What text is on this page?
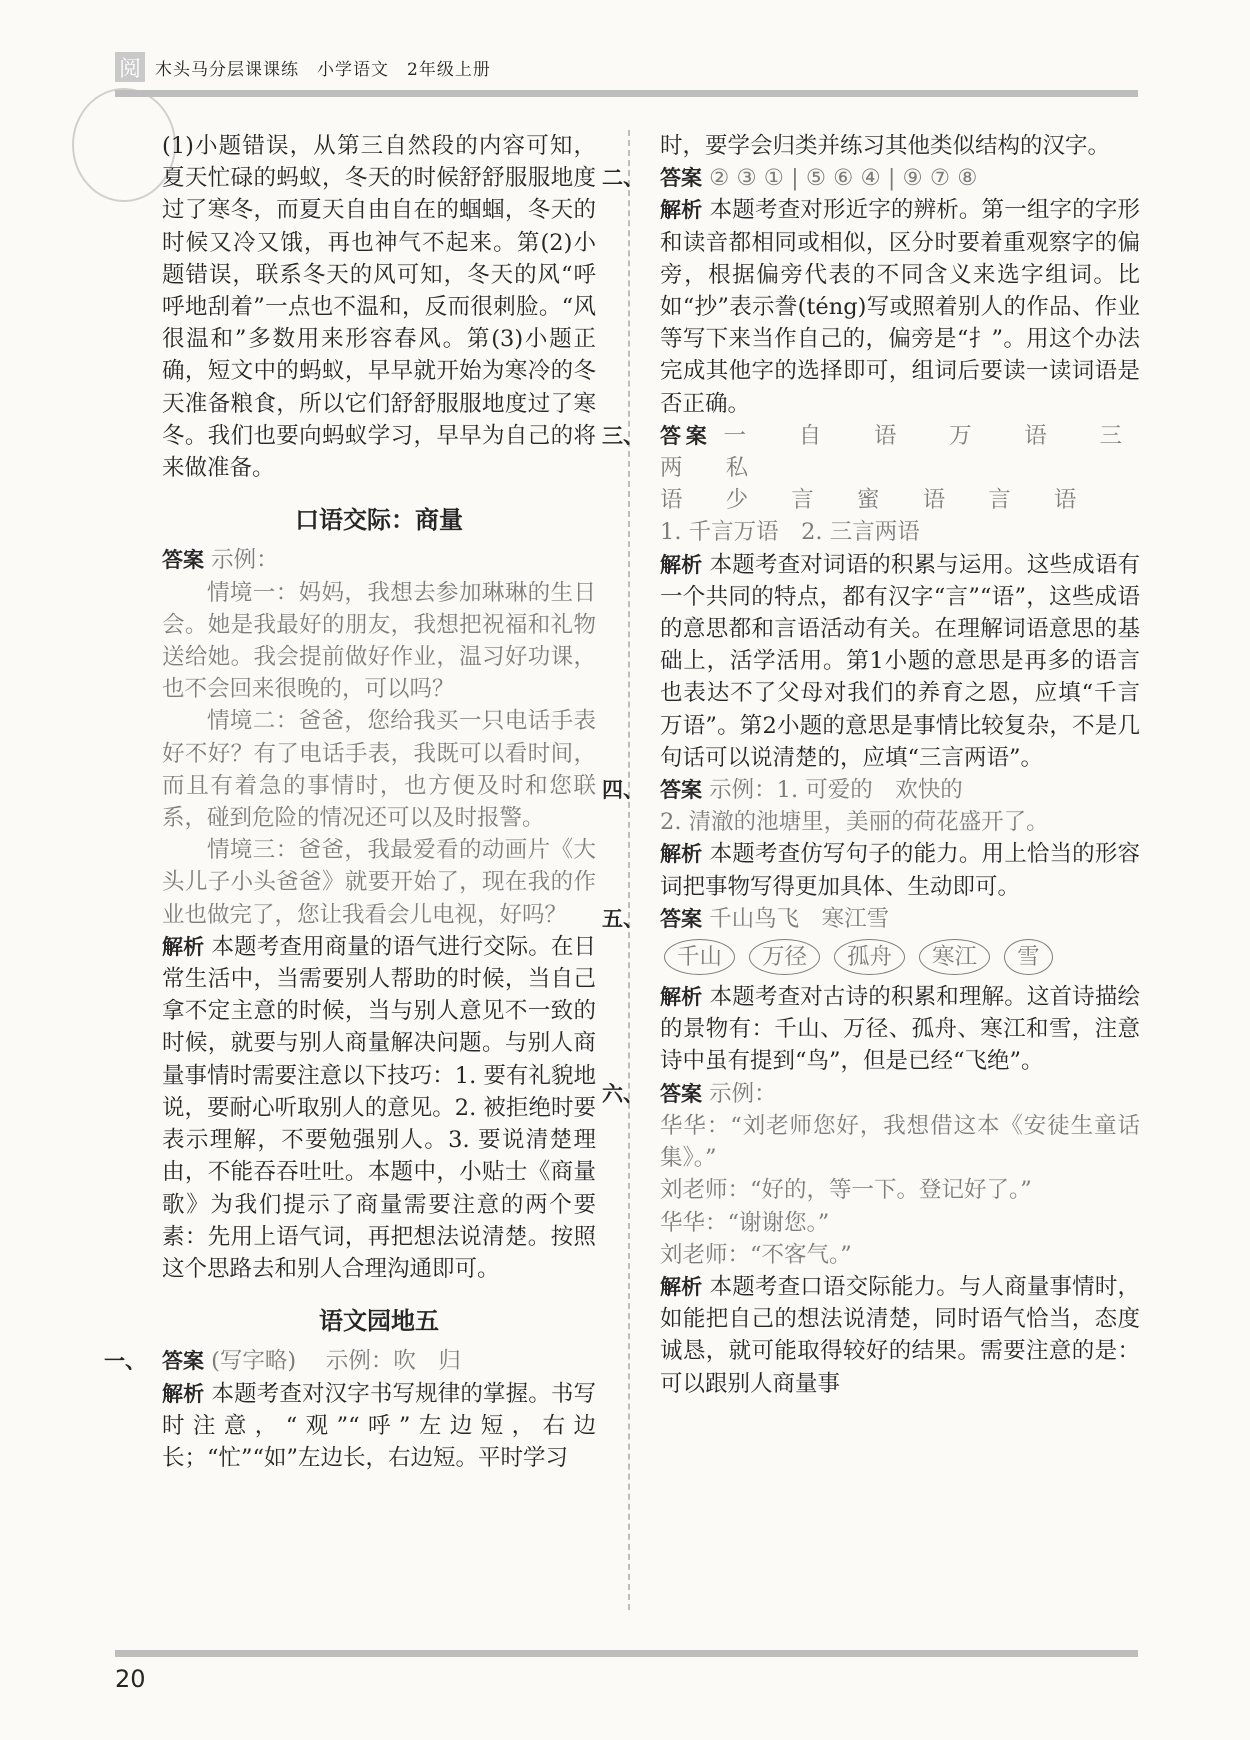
阅 木头马分层课课练　小学语文　2年级上册

(1)小题错误，从第三自然段的内容可知，夏天忙碌的蚂蚁，冬天的时候舒舒服服地度过了寒冬，而夏天自由自在的蝈蝈，冬天的时候又冷又饿，再也神气不起来。第(2)小题错误，联系冬天的风可知，冬天的风“呼呼地刮着”一点也不温和，反而很刺脸。“风很温和”多数用来形容春风。第(3)小题正确，短文中的蚂蚁，早早就开始为寒冷的冬天准备粮食，所以它们舒舒服服地度过了寒冬。我们也要向蚂蚁学习，早早为自己的将来做准备。

口语交际：商量

答案 示例：

情境一：妈妈，我想去参加琳琳的生日会。她是我最好的朋友，我想把祝福和礼物送给她。我会提前做好作业，温习好功课，也不会回来很晚的，可以吗？

情境二：爸爸，您给我买一只电话手表好不好？有了电话手表，我既可以看时间，而且有着急的事情时，也方便及时和您联系，碰到危险的情况还可以及时报警。

情境三：爸爸，我最爱看的动画片《大头儿子小头爸爸》就要开始了，现在我的作业也做完了，您让我看会儿电视，好吗？

解析 本题考查用商量的语气进行交际。在日常生活中，当需要别人帮助的时候，当自己拿不定主意的时候，当与别人意见不一致的时候，就要与别人商量解决问题。与别人商量事情时需要注意以下技巧：1. 要有礼貌地说，要耐心听取别人的意见。2. 被拒绝时要表示理解，不要勉强别人。3. 要说清楚理由，不能吞吞吐吐。本题中，小贴士《商量歌》为我们提示了商量需要注意的两个要素：先用上语气词，再把想法说清楚。按照这个思路去和别人合理沟通即可。

语文园地五
一、 答案 (写字略)　 示例：吹　归

解析 本题考查对汉字书写规律的掌握。书写时注意，“观”“呼”左边短，右边长；“忙”“如”左边长，右边短。平时学习

时，要学会归类并练习其他类似结构的汉字。

二、 答案 ② ③ ① | ⑤ ⑥ ④ | ⑨ ⑦ ⑧

解析 本题考查对形近字的辨析。第一组字的字形和读音都相同或相似，区分时要着重观察字的偏旁，根据偏旁代表的不同含义来选字组词。比如“抄”表示誊(téng)写或照着别人的作品、作业等写下来当作自己的，偏旁是“扌”。用这个办法完成其他字的选择即可，组词后要读一读词语是否正确。

三、 答案 一 自 语 万 语 三 两 私

语 少 言 蜜 语 言 语

1. 千言万语　2. 三言两语

解析 本题考查对词语的积累与运用。这些成语有一个共同的特点，都有汉字“言”“语”，这些成语的意思都和言语活动有关。在理解词语意思的基础上，活学活用。第1小题的意思是再多的语言也表达不了父母对我们的养育之恩，应填“千言万语”。第2小题的意思是事情比较复杂，不是几句话可以说清楚的，应填“三言两语”。

四、 答案 示例：1. 可爱的　欢快的

2. 清澈的池塘里，美丽的荷花盛开了。

解析 本题考查仿写句子的能力。用上恰当的形容词把事物写得更加具体、生动即可。

五、 答案 千山鸟飞　寒江雪

千山	万径	孤舟	寒江	雪

解析 本题考查对古诗的积累和理解。这首诗描绘的景物有：千山、万径、孤舟、寒江和雪，注意诗中虽有提到“鸟”，但是已经“飞绝”。

六、 答案 示例：

华华：“刘老师您好，我想借这本《安徒生童话集》。”

刘老师：“好的，等一下。登记好了。”

华华：“谢谢您。”

刘老师：“不客气。”

解析 本题考查口语交际能力。与人商量事情时，如能把自己的想法说清楚，同时语气恰当，态度诚恳，就可能取得较好的结果。需要注意的是：可以跟别人商量事

20
